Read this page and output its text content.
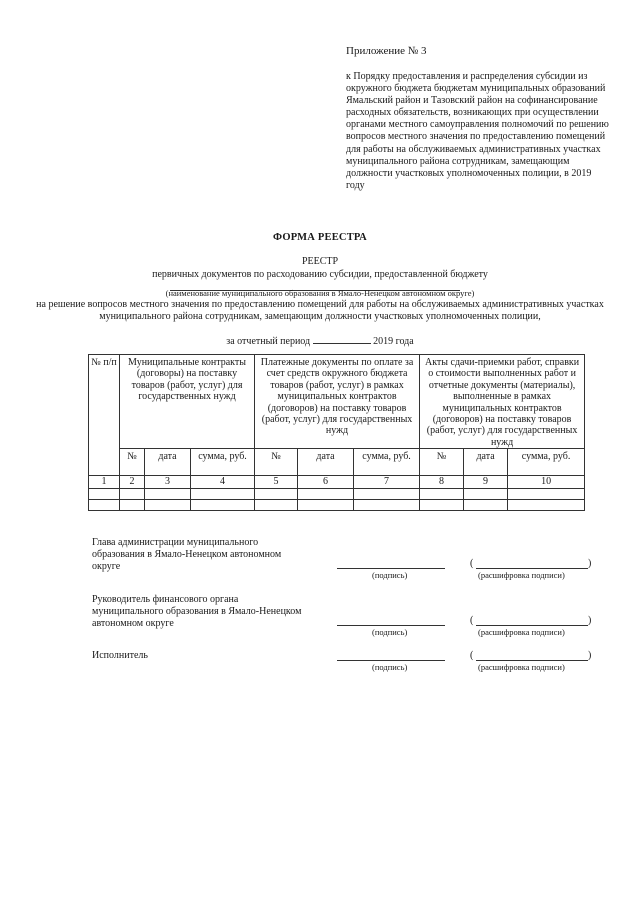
Приложение № 3
к Порядку предоставления и распределения субсидии из окружного бюджета бюджетам муниципальных образований Ямальский район и Тазовский район на софинансирование расходных обязательств, возникающих при осуществлении органами местного самоуправления полномочий по решению вопросов местного значения по предоставлению помещений для работы на обслуживаемых административных участках муниципального района сотрудникам, замещающим должности участковых уполномоченных полиции, в 2019 году
ФОРМА РЕЕСТРА
РЕЕСТР
первичных документов по расходованию субсидии, предоставленной бюджету
(наименование муниципального образования в Ямало-Ненецком автономном округе)
на решение вопросов местного значения по предоставлению помещений для работы на обслуживаемых административных участках муниципального района сотрудникам, замещающим должности участковых уполномоченных полиции,
за отчетный период	2019 года
№ п/п	Муниципальные контракты (договоры) на поставку товаров (работ, услуг) для государственных нужд			Платежные документы по оплате за счет средств окружного бюджета товаров (работ, услуг) в рамках муниципальных контрактов (договоров) на поставку товаров (работ, услуг) для государственных нужд			Акты сдачи-приемки работ, справки о стоимости выполненных работ и отчетные документы (материалы), выполненные в рамках муниципальных контрактов (договоров) на поставку товаров (работ, услуг) для государственных нужд		
	№	дата	сумма, руб.	№	дата	сумма, руб.	№	дата	сумма, руб.
1	2	3	4	5	6	7	8	9	10

Глава администрации муниципального образования в Ямало-Ненецком автономном округе
(подпись)
(	)
(расшифровка подписи)
Руководитель финансового органа муниципального образования в Ямало-Ненецком автономном округе
(подпись)
(	)
(расшифровка подписи)
Исполнитель
(подпись)
(	)
(расшифровка подписи)
